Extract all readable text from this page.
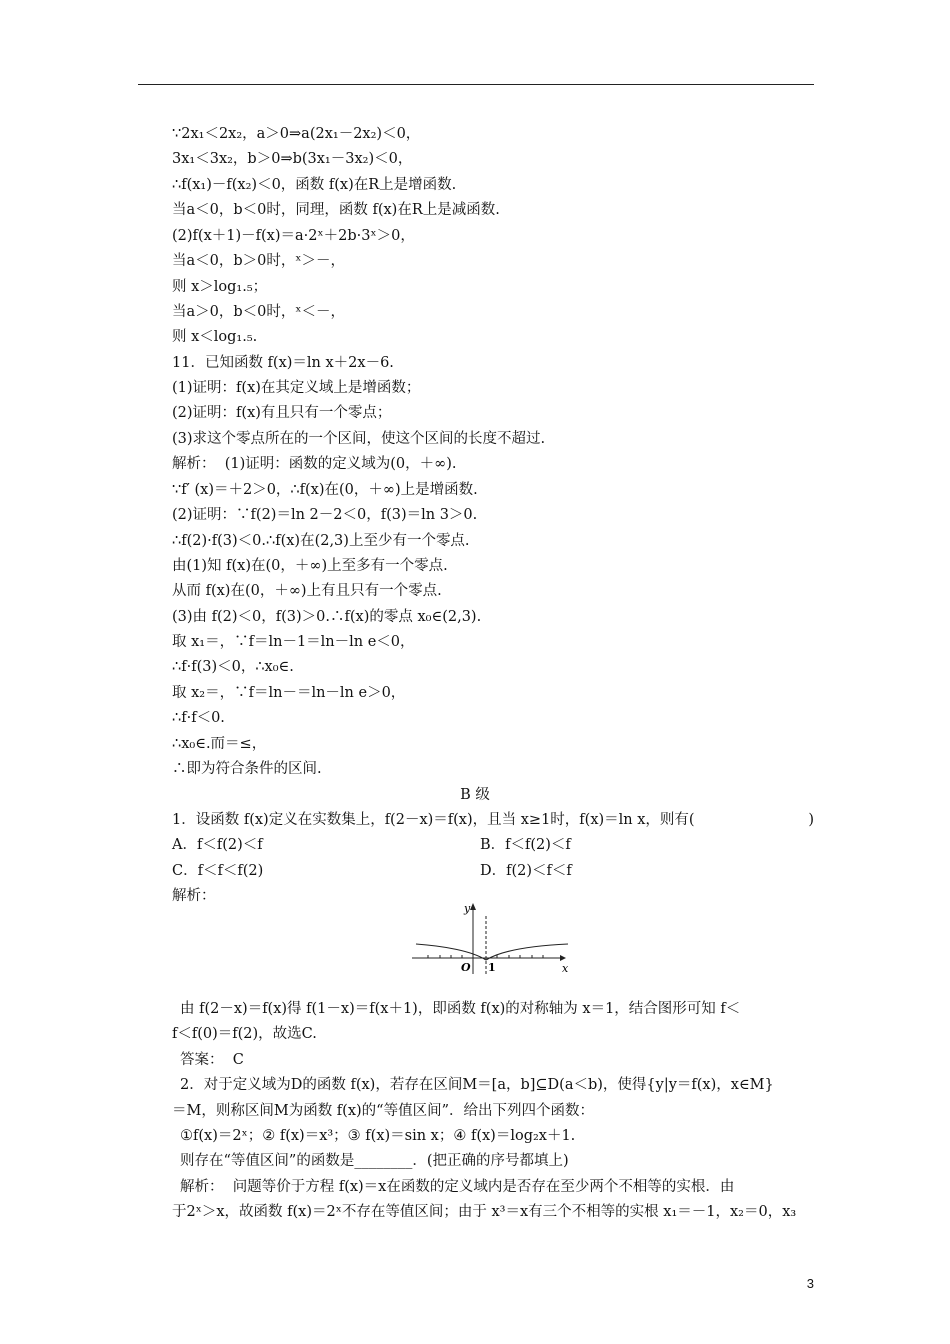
∵2x₁＜2x₂，a＞0⇒a(2x₁－2x₂)＜0，
3x₁＜3x₂，b＞0⇒b(3x₁－3x₂)＜0，
∴f(x₁)－f(x₂)＜0，函数 f(x)在R上是增函数.
当a＜0，b＜0时，同理，函数 f(x)在R上是减函数.
(2)f(x＋1)－f(x)＝a·2ˣ＋2b·3ˣ＞0，
当a＜0，b＞0时，ˣ＞－，
则 x＞log₁.₅；
当a＞0，b＜0时，ˣ＜－，
则 x＜log₁.₅.
11．已知函数 f(x)＝ln x＋2x－6.
(1)证明：f(x)在其定义域上是增函数；
(2)证明：f(x)有且只有一个零点；
(3)求这个零点所在的一个区间，使这个区间的长度不超过.
解析：  (1)证明：函数的定义域为(0，＋∞).
∵f′ (x)＝＋2＞0，∴f(x)在(0，＋∞)上是增函数.
(2)证明：∵f(2)＝ln 2－2＜0，f(3)＝ln 3＞0.
∴f(2)·f(3)＜0.∴f(x)在(2,3)上至少有一个零点.
由(1)知 f(x)在(0，＋∞)上至多有一个零点.
从而 f(x)在(0，＋∞)上有且只有一个零点.
(3)由 f(2)＜0，f(3)＞0.∴f(x)的零点 x₀∈(2,3).
取 x₁＝，∵f＝ln－1＝ln－ln e＜0，
∴f·f(3)＜0，∴x₀∈.
取 x₂＝，∵f＝ln－＝ln－ln e＞0，
∴f·f＜0.
∴x₀∈.而＝≤，
∴即为符合条件的区间.
B 级
1．设函数 f(x)定义在实数集上，f(2－x)＝f(x)，且当 x≥1时，f(x)＝ln x，则有(	)
A．f＜f(2)＜f	B．f＜f(2)＜f
C．f＜f＜f(2)	D．f(2)＜f＜f
解析：
y
x
O 1
由 f(2－x)＝f(x)得 f(1－x)＝f(x＋1)，即函数 f(x)的对称轴为 x＝1，结合图形可知 f＜
f＜f(0)＝f(2)，故选C.
答案：  C
2．对于定义域为D的函数 f(x)，若存在区间M＝[a，b]⊆D(a＜b)，使得{y|y＝f(x)，x∈M}
＝M，则称区间M为函数 f(x)的“等值区间”．给出下列四个函数：
①f(x)＝2ˣ；② f(x)＝x³；③ f(x)＝sin x；④ f(x)＝log₂x＋1.
则存在“等值区间”的函数是________．(把正确的序号都填上)
解析：  问题等价于方程 f(x)＝x在函数的定义域内是否存在至少两个不相等的实根．由
于2ˣ＞x，故函数 f(x)＝2ˣ不存在等值区间；由于 x³＝x有三个不相等的实根 x₁＝－1，x₂＝0，x₃
3
